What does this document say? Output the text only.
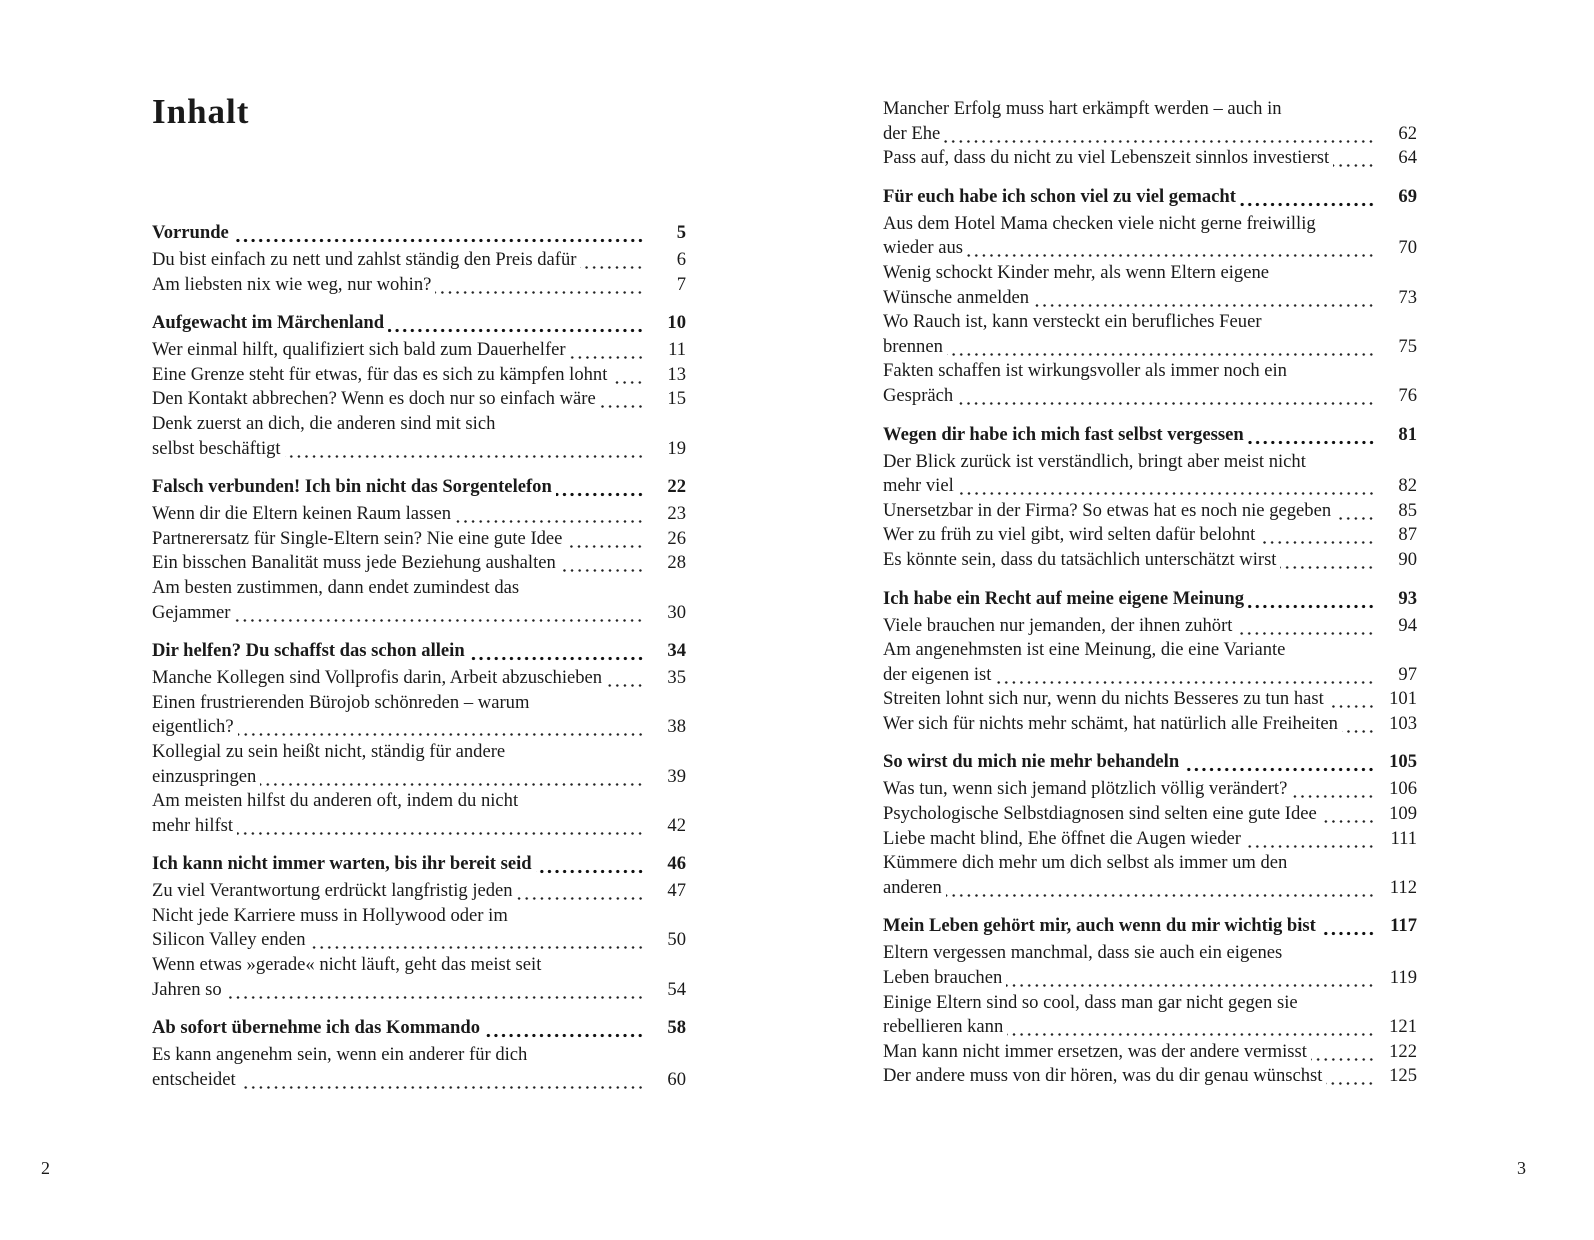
Inhalt
Vorrunde	5
Du bist einfach zu nett und zahlst ständig den Preis dafür	6
Am liebsten nix wie weg, nur wohin?	7
Aufgewacht im Märchenland	10
Wer einmal hilft, qualifiziert sich bald zum Dauerhelfer	11
Eine Grenze steht für etwas, für das es sich zu kämpfen lohnt	13
Den Kontakt abbrechen? Wenn es doch nur so einfach wäre	15
Denk zuerst an dich, die anderen sind mit sich
selbst beschäftigt	19
Falsch verbunden! Ich bin nicht das Sorgentelefon	22
Wenn dir die Eltern keinen Raum lassen	23
Partnerersatz für Single-Eltern sein? Nie eine gute Idee	26
Ein bisschen Banalität muss jede Beziehung aushalten	28
Am besten zustimmen, dann endet zumindest das
Gejammer	30
Dir helfen? Du schaffst das schon allein	34
Manche Kollegen sind Vollprofis darin, Arbeit abzuschieben	35
Einen frustrierenden Bürojob schönreden – warum
eigentlich?	38
Kollegial zu sein heißt nicht, ständig für andere
einzuspringen	39
Am meisten hilfst du anderen oft, indem du nicht
mehr hilfst	42
Ich kann nicht immer warten, bis ihr bereit seid	46
Zu viel Verantwortung erdrückt langfristig jeden	47
Nicht jede Karriere muss in Hollywood oder im
Silicon Valley enden	50
Wenn etwas »gerade« nicht läuft, geht das meist seit
Jahren so	54
Ab sofort übernehme ich das Kommando	58
Es kann angenehm sein, wenn ein anderer für dich
entscheidet	60
Mancher Erfolg muss hart erkämpft werden – auch in
der Ehe	62
Pass auf, dass du nicht zu viel Lebenszeit sinnlos investierst	64
Für euch habe ich schon viel zu viel gemacht	69
Aus dem Hotel Mama checken viele nicht gerne freiwillig
wieder aus	70
Wenig schockt Kinder mehr, als wenn Eltern eigene
Wünsche anmelden	73
Wo Rauch ist, kann versteckt ein berufliches Feuer
brennen	75
Fakten schaffen ist wirkungsvoller als immer noch ein
Gespräch	76
Wegen dir habe ich mich fast selbst vergessen	81
Der Blick zurück ist verständlich, bringt aber meist nicht
mehr viel	82
Unersetzbar in der Firma? So etwas hat es noch nie gegeben	85
Wer zu früh zu viel gibt, wird selten dafür belohnt	87
Es könnte sein, dass du tatsächlich unterschätzt wirst	90
Ich habe ein Recht auf meine eigene Meinung	93
Viele brauchen nur jemanden, der ihnen zuhört	94
Am angenehmsten ist eine Meinung, die eine Variante
der eigenen ist	97
Streiten lohnt sich nur, wenn du nichts Besseres zu tun hast	101
Wer sich für nichts mehr schämt, hat natürlich alle Freiheiten	103
So wirst du mich nie mehr behandeln	105
Was tun, wenn sich jemand plötzlich völlig verändert?	106
Psychologische Selbstdiagnosen sind selten eine gute Idee	109
Liebe macht blind, Ehe öffnet die Augen wieder	111
Kümmere dich mehr um dich selbst als immer um den
anderen	112
Mein Leben gehört mir, auch wenn du mir wichtig bist	117
Eltern vergessen manchmal, dass sie auch ein eigenes
Leben brauchen	119
Einige Eltern sind so cool, dass man gar nicht gegen sie
rebellieren kann	121
Man kann nicht immer ersetzen, was der andere vermisst	122
Der andere muss von dir hören, was du dir genau wünschst	125
2	3
